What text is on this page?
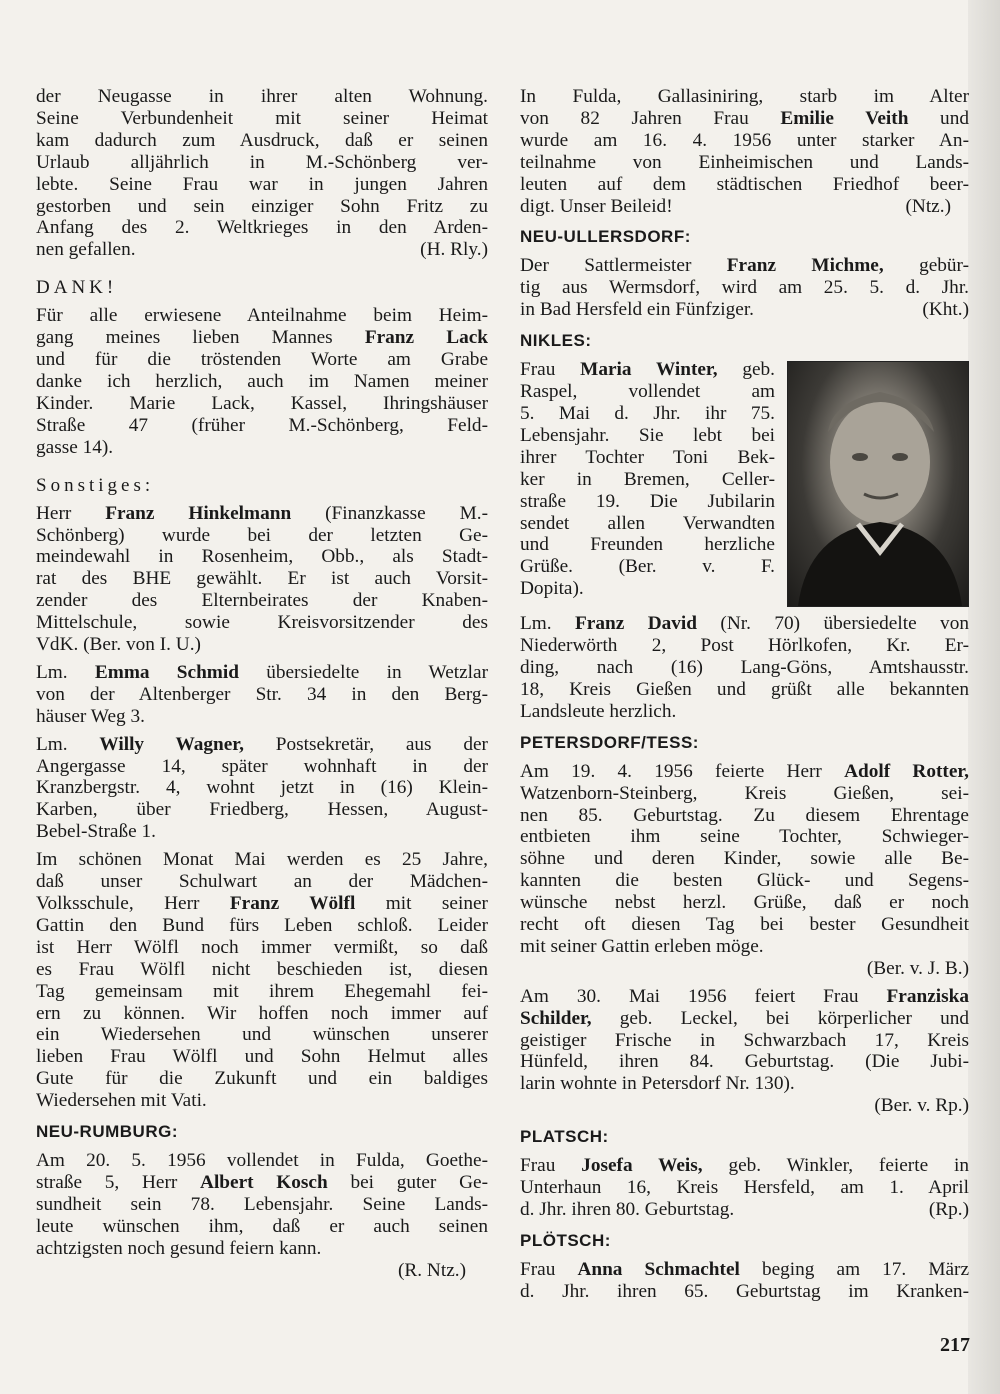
der Neugasse in ihrer alten Wohnung.
Seine Verbundenheit mit seiner Heimat
kam dadurch zum Ausdruck, daß er seinen
Urlaub alljährlich in M.-Schönberg ver-
lebte. Seine Frau war in jungen Jahren
gestorben und sein einziger Sohn Fritz zu
Anfang des 2. Weltkrieges in den Arden-
nen gefallen.	(H. Rly.)

DANK!

Für alle erwiesene Anteilnahme beim Heim-
gang meines lieben Mannes Franz Lack
und für die tröstenden Worte am Grabe
danke ich herzlich, auch im Namen meiner
Kinder. Marie Lack, Kassel, Ihringshäuser
Straße 47 (früher M.-Schönberg, Feld-
gasse 14).

Sonstiges:

Herr Franz Hinkelmann (Finanzkasse M.-
Schönberg) wurde bei der letzten Ge-
meindewahl in Rosenheim, Obb., als Stadt-
rat des BHE gewählt. Er ist auch Vorsit-
zender des Elternbeirates der Knaben-
Mittelschule, sowie Kreisvorsitzender des
VdK. (Ber. von I. U.)

Lm. Emma Schmid übersiedelte in Wetzlar
von der Altenberger Str. 34 in den Berg-
häuser Weg 3.

Lm. Willy Wagner, Postsekretär, aus der
Angergasse 14, später wohnhaft in der
Kranzbergstr. 4, wohnt jetzt in (16) Klein-
Karben, über Friedberg, Hessen, August-
Bebel-Straße 1.

Im schönen Monat Mai werden es 25 Jahre,
daß unser Schulwart an der Mädchen-
Volksschule, Herr Franz Wölfl mit seiner
Gattin den Bund fürs Leben schloß. Leider
ist Herr Wölfl noch immer vermißt, so daß
es Frau Wölfl nicht beschieden ist, diesen
Tag gemeinsam mit ihrem Ehegemahl fei-
ern zu können. Wir hoffen noch immer auf
ein Wiedersehen und wünschen unserer
lieben Frau Wölfl und Sohn Helmut alles
Gute für die Zukunft und ein baldiges
Wiedersehen mit Vati.

NEU-RUMBURG:

Am 20. 5. 1956 vollendet in Fulda, Goethe-
straße 5, Herr Albert Kosch bei guter Ge-
sundheit sein 78. Lebensjahr. Seine Lands-
leute wünschen ihm, daß er auch seinen
achtzigsten noch gesund feiern kann.
(R. Ntz.)

In Fulda, Gallasiniring, starb im Alter
von 82 Jahren Frau Emilie Veith und
wurde am 16. 4. 1956 unter starker An-
teilnahme von Einheimischen und Lands-
leuten auf dem städtischen Friedhof beer-
digt. Unser Beileid!	(Ntz.)

NEU-ULLERSDORF:

Der Sattlermeister Franz Michme, gebür-
tig aus Wermsdorf, wird am 25. 5. d. Jhr.
in Bad Hersfeld ein Fünfziger.	(Kht.)

NIKLES:

Frau Maria Winter, geb.
Raspel, vollendet am
5. Mai d. Jhr. ihr 75.
Lebensjahr. Sie lebt bei
ihrer Tochter Toni Bek-
ker in Bremen, Celler-
straße 19. Die Jubilarin
sendet allen Verwandten
und Freunden herzliche
Grüße. (Ber. v. F.
Dopita).

Lm. Franz David (Nr. 70) übersiedelte von
Niederwörth 2, Post Hörlkofen, Kr. Er-
ding, nach (16) Lang-Göns, Amtshausstr.
18, Kreis Gießen und grüßt alle bekannten
Landsleute herzlich.

PETERSDORF/TESS:

Am 19. 4. 1956 feierte Herr Adolf Rotter,
Watzenborn-Steinberg, Kreis Gießen, sei-
nen 85. Geburtstag. Zu diesem Ehrentage
entbieten ihm seine Tochter, Schwieger-
söhne und deren Kinder, sowie alle Be-
kannten die besten Glück- und Segens-
wünsche nebst herzl. Grüße, daß er noch
recht oft diesen Tag bei bester Gesundheit
mit seiner Gattin erleben möge.
(Ber. v. J. B.)

Am 30. Mai 1956 feiert Frau Franziska
Schilder, geb. Leckel, bei körperlicher und
geistiger Frische in Schwarzbach 17, Kreis
Hünfeld, ihren 84. Geburtstag. (Die Jubi-
larin wohnte in Petersdorf Nr. 130).
(Ber. v. Rp.)

PLATSCH:

Frau Josefa Weis, geb. Winkler, feierte in
Unterhaun 16, Kreis Hersfeld, am 1. April
d. Jhr. ihren 80. Geburtstag.	(Rp.)

PLÖTSCH:

Frau Anna Schmachtel beging am 17. März
d. Jhr. ihren 65. Geburtstag im Kranken-

217
